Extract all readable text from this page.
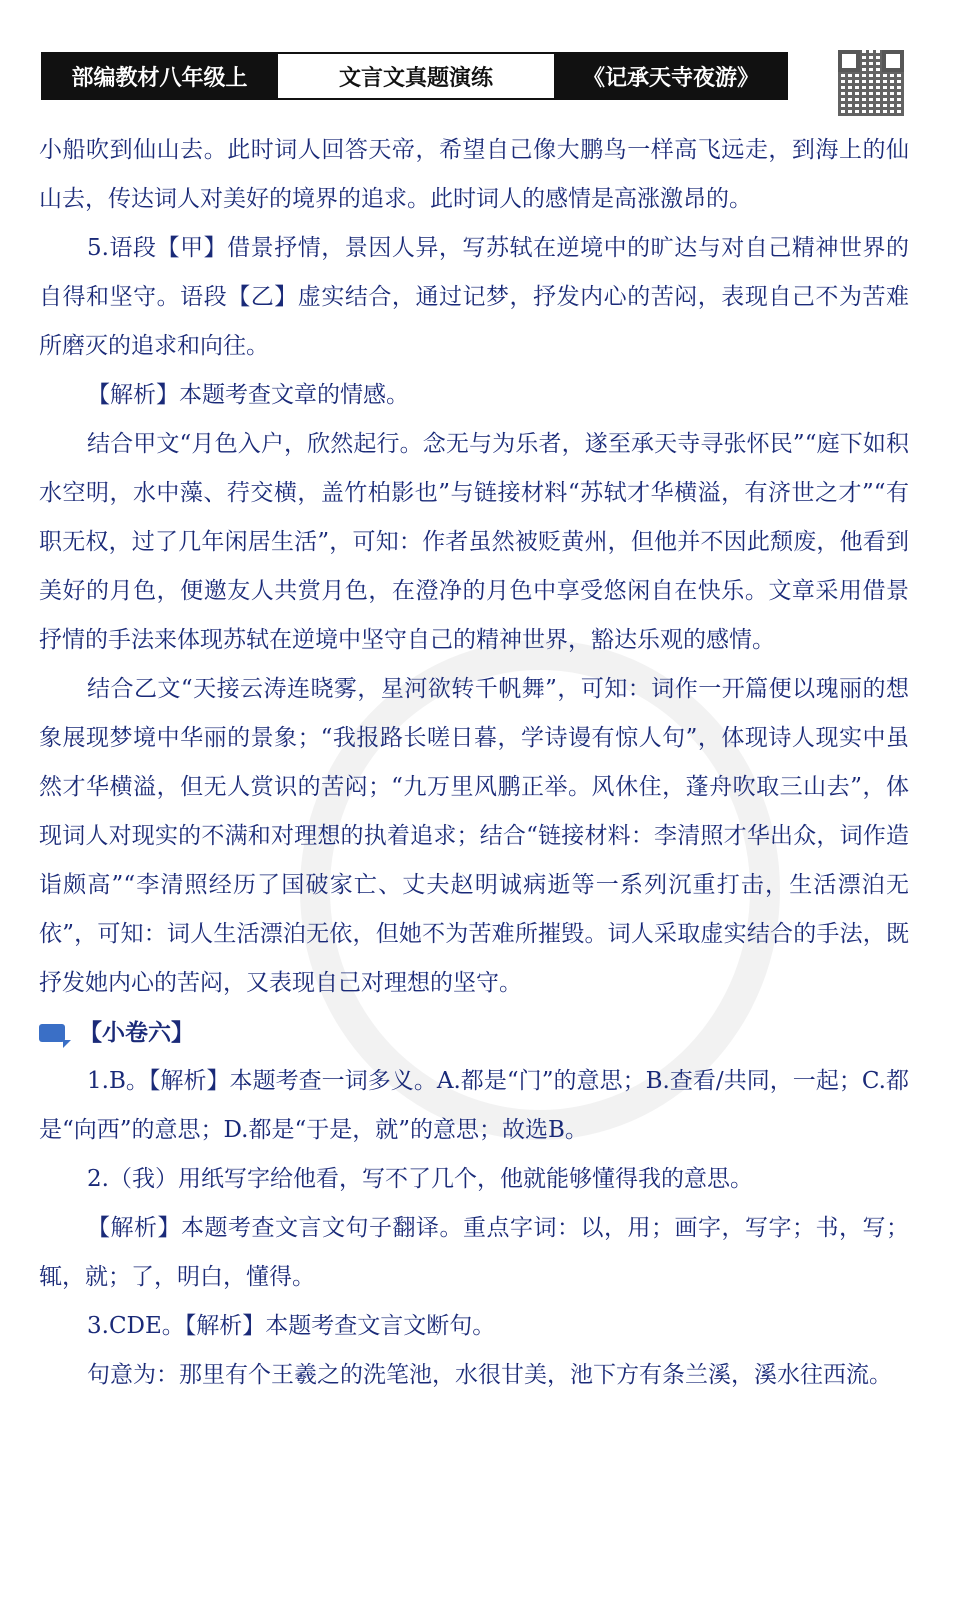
部编教材八年级上	文言文真题演练	《记承天寺夜游》

小船吹到仙山去。此时词人回答天帝，希望自己像大鹏鸟一样高飞远走，到海上的仙山去，传达词人对美好的境界的追求。此时词人的感情是高涨激昂的。

5.语段【甲】借景抒情，景因人异，写苏轼在逆境中的旷达与对自己精神世界的自得和坚守。语段【乙】虚实结合，通过记梦，抒发内心的苦闷，表现自己不为苦难所磨灭的追求和向往。

【解析】本题考查文章的情感。

结合甲文“月色入户，欣然起行。念无与为乐者，遂至承天寺寻张怀民”“庭下如积水空明，水中藻、荇交横，盖竹柏影也”与链接材料“苏轼才华横溢，有济世之才”“有职无权，过了几年闲居生活”，可知：作者虽然被贬黄州，但他并不因此颓废，他看到美好的月色，便邀友人共赏月色，在澄净的月色中享受悠闲自在快乐。文章采用借景抒情的手法来体现苏轼在逆境中坚守自己的精神世界，豁达乐观的感情。

结合乙文“天接云涛连晓雾，星河欲转千帆舞”，可知：词作一开篇便以瑰丽的想象展现梦境中华丽的景象；“我报路长嗟日暮，学诗谩有惊人句”，体现诗人现实中虽然才华横溢，但无人赏识的苦闷；“九万里风鹏正举。风休住，蓬舟吹取三山去”，体现词人对现实的不满和对理想的执着追求；结合“链接材料：李清照才华出众，词作造诣颇高”“李清照经历了国破家亡、丈夫赵明诚病逝等一系列沉重打击，生活漂泊无依”，可知：词人生活漂泊无依，但她不为苦难所摧毁。词人采取虚实结合的手法，既抒发她内心的苦闷，又表现自己对理想的坚守。

【小卷六】

1.B。【解析】本题考查一词多义。A.都是“门”的意思；B.查看/共同，一起；C.都是“向西”的意思；D.都是“于是，就”的意思；故选B。

2.（我）用纸写字给他看，写不了几个，他就能够懂得我的意思。

【解析】本题考查文言文句子翻译。重点字词：以，用；画字，写字；书，写；辄，就；了，明白，懂得。

3.CDE。【解析】本题考查文言文断句。

句意为：那里有个王羲之的洗笔池，水很甘美，池下方有条兰溪，溪水往西流。
